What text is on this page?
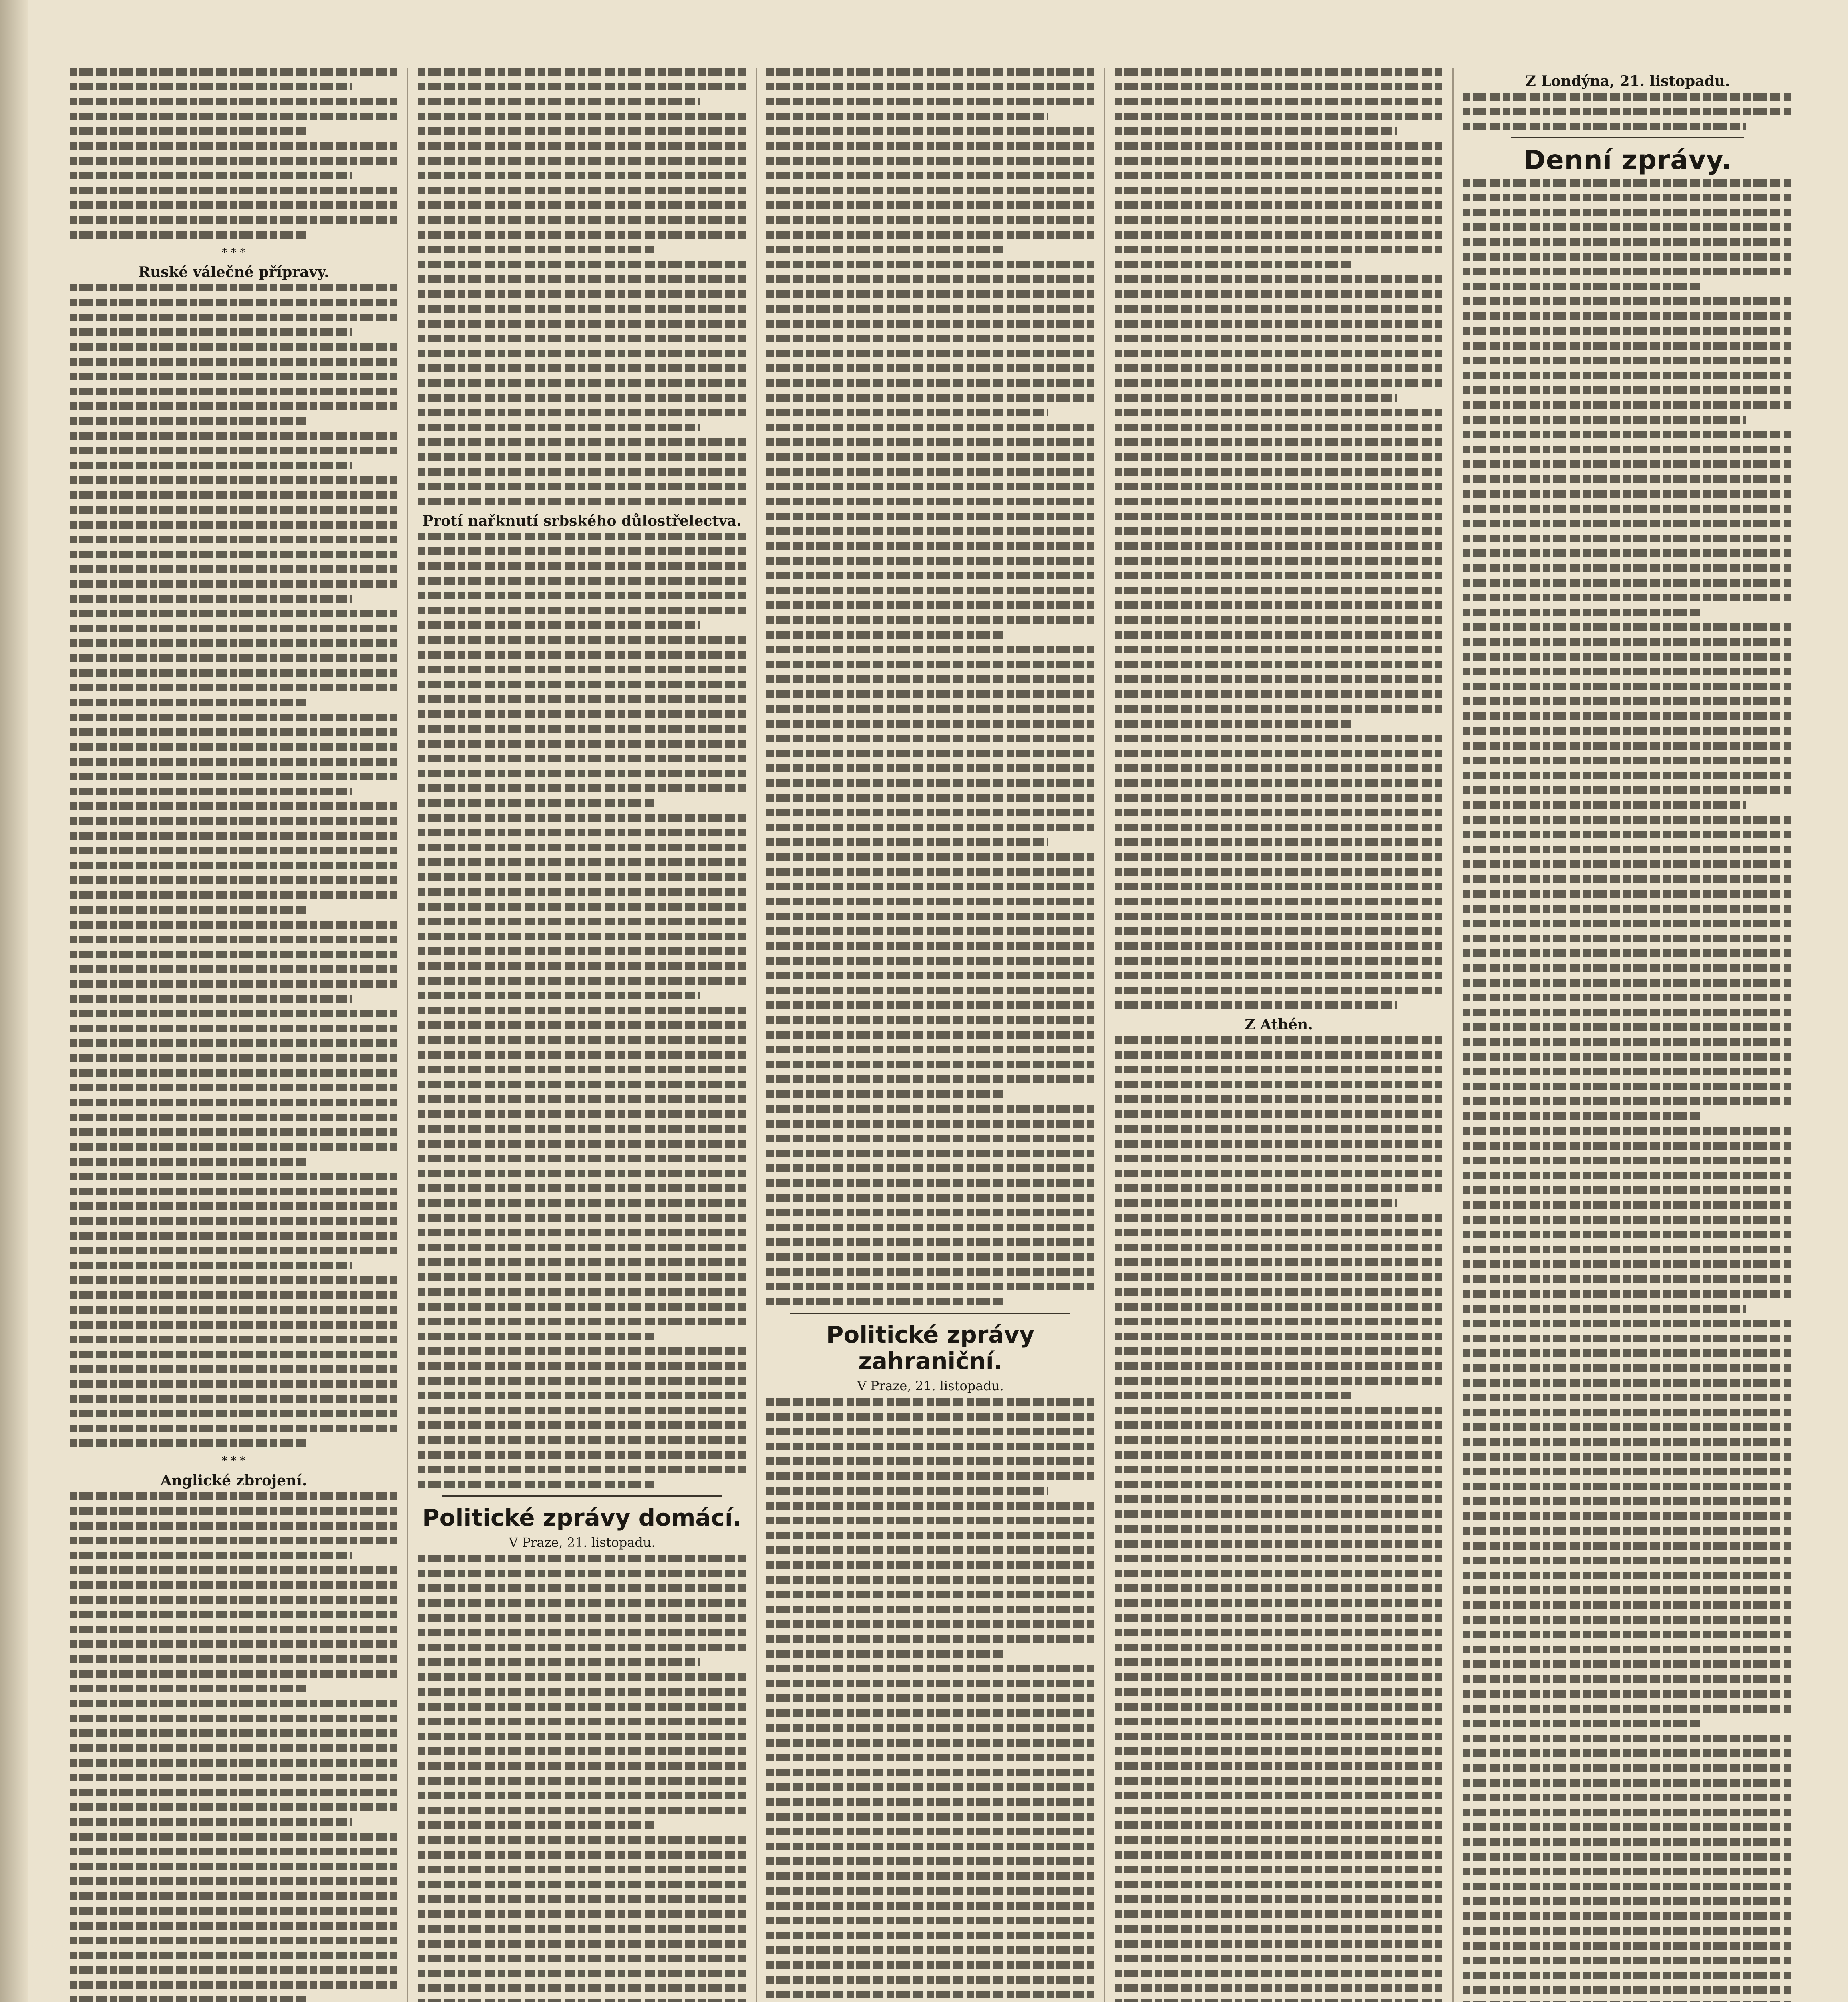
* * *
Ruské válečné přípravy.
* * *
Anglické zbrojení.
Protí nařknutí srbského důlostřelectva.
Politické zprávy domácí.
V Praze, 21. listopadu.
Politické zprávy zahraniční.
V Praze, 21. listopadu.
Z Athén.
Z Londýna, 21. listopadu.
Denní zprávy.
